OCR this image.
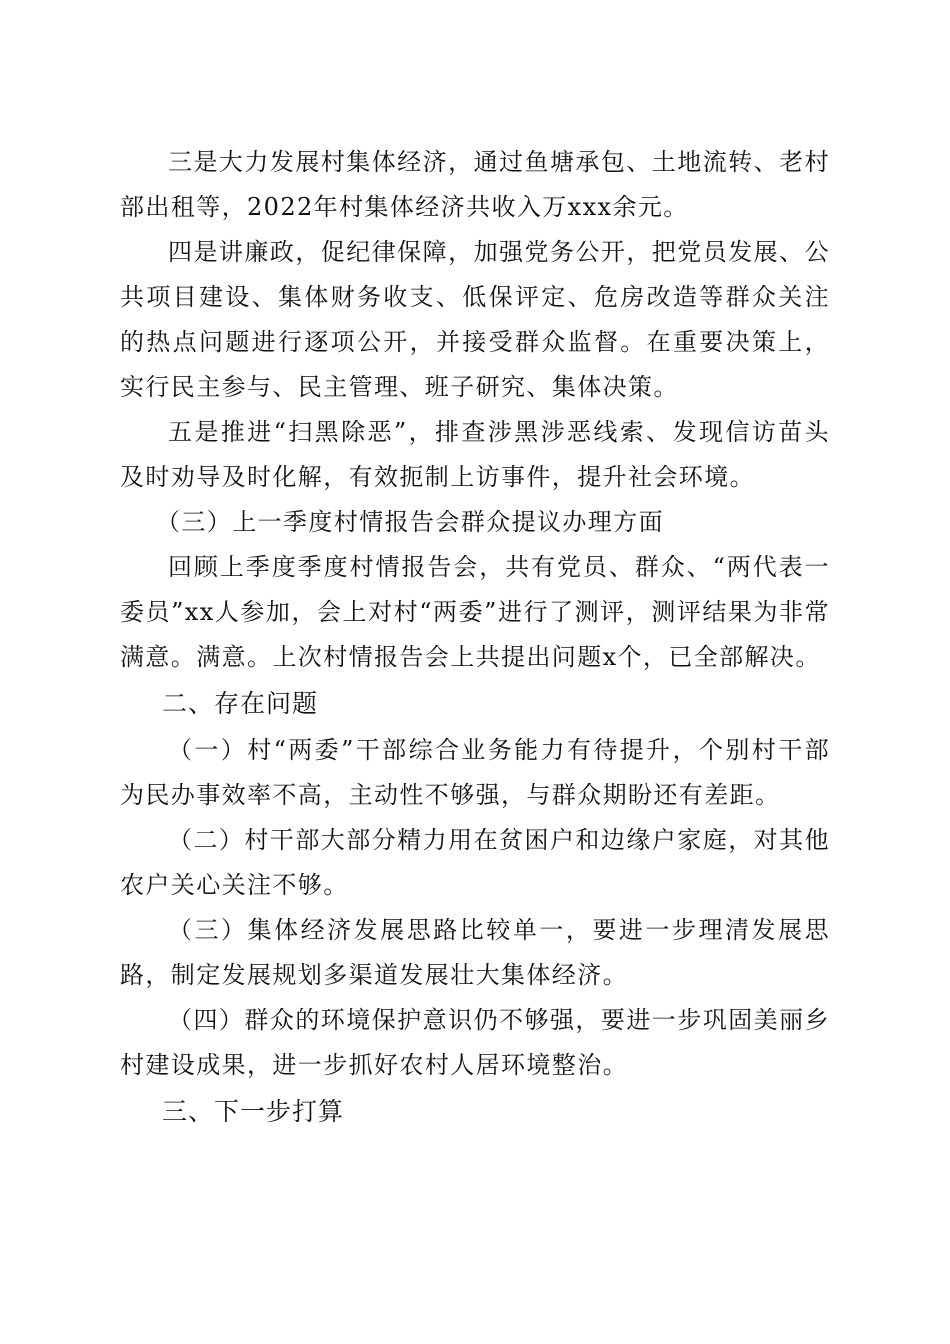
三是大力发展村集体经济，通过鱼塘承包、土地流转、老村部出租等，2022年村集体经济共收入万xxx余元。

四是讲廉政，促纪律保障，加强党务公开，把党员发展、公共项目建设、集体财务收支、低保评定、危房改造等群众关注的热点问题进行逐项公开，并接受群众监督。在重要决策上，实行民主参与、民主管理、班子研究、集体决策。

五是推进“扫黑除恶”，排查涉黑涉恶线索、发现信访苗头及时劝导及时化解，有效扼制上访事件，提升社会环境。

（三）上一季度村情报告会群众提议办理方面

回顾上季度季度村情报告会，共有党员、群众、“两代表一委员”xx人参加，会上对村“两委”进行了测评，测评结果为非常满意。满意。上次村情报告会上共提出问题x个，已全部解决。

二、存在问题

（一）村“两委”干部综合业务能力有待提升，个别村干部为民办事效率不高，主动性不够强，与群众期盼还有差距。

（二）村干部大部分精力用在贫困户和边缘户家庭，对其他农户关心关注不够。

（三）集体经济发展思路比较单一，要进一步理清发展思路，制定发展规划多渠道发展壮大集体经济。

（四）群众的环境保护意识仍不够强，要进一步巩固美丽乡村建设成果，进一步抓好农村人居环境整治。

三、下一步打算
